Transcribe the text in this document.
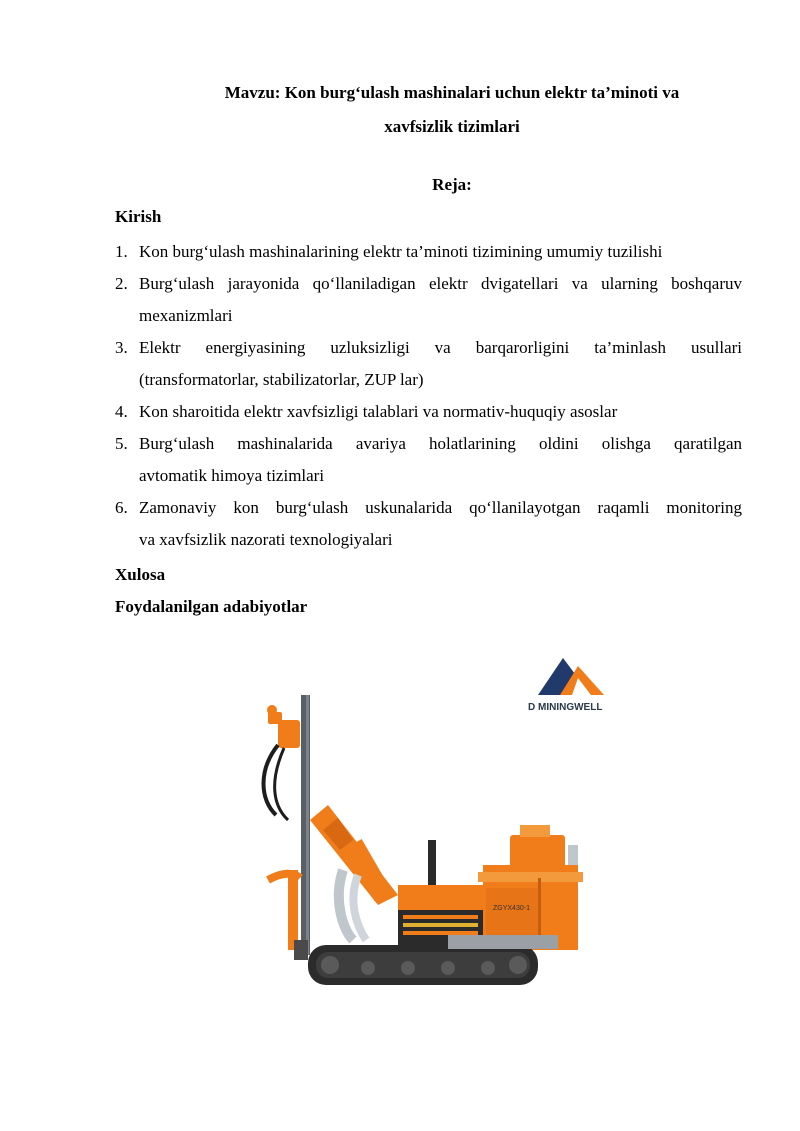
Mavzu: Kon burg‘ulash mashinalari uchun elektr ta’minoti va
xavfsizlik tizimlari
Reja:
Kirish
1. Kon burg‘ulash mashinalarining elektr ta’minoti tizimining umumiy tuzilishi
2. Burg‘ulash jarayonida qo‘llaniladigan elektr dvigatellari va ularning boshqaruv
mexanizmlari
3. Elektr energiyasining uzluksizligi va barqarorligini ta’minlash usullari
(transformatorlar, stabilizatorlar, ZUP lar)
4. Kon sharoitida elektr xavfsizligi talablari va normativ-huquqiy asoslar
5. Burg‘ulash mashinalarida avariya holatlarining oldini olishga qaratilgan
avtomatik himoya tizimlari
6. Zamonaviy kon burg‘ulash uskunalarida qo‘llanilayotgan raqamli monitoring
va xavfsizlik nazorati texnologiyalari
Xulosa
Foydalanilgan adabiyotlar
D MININGWELL
ZGYX430-1
